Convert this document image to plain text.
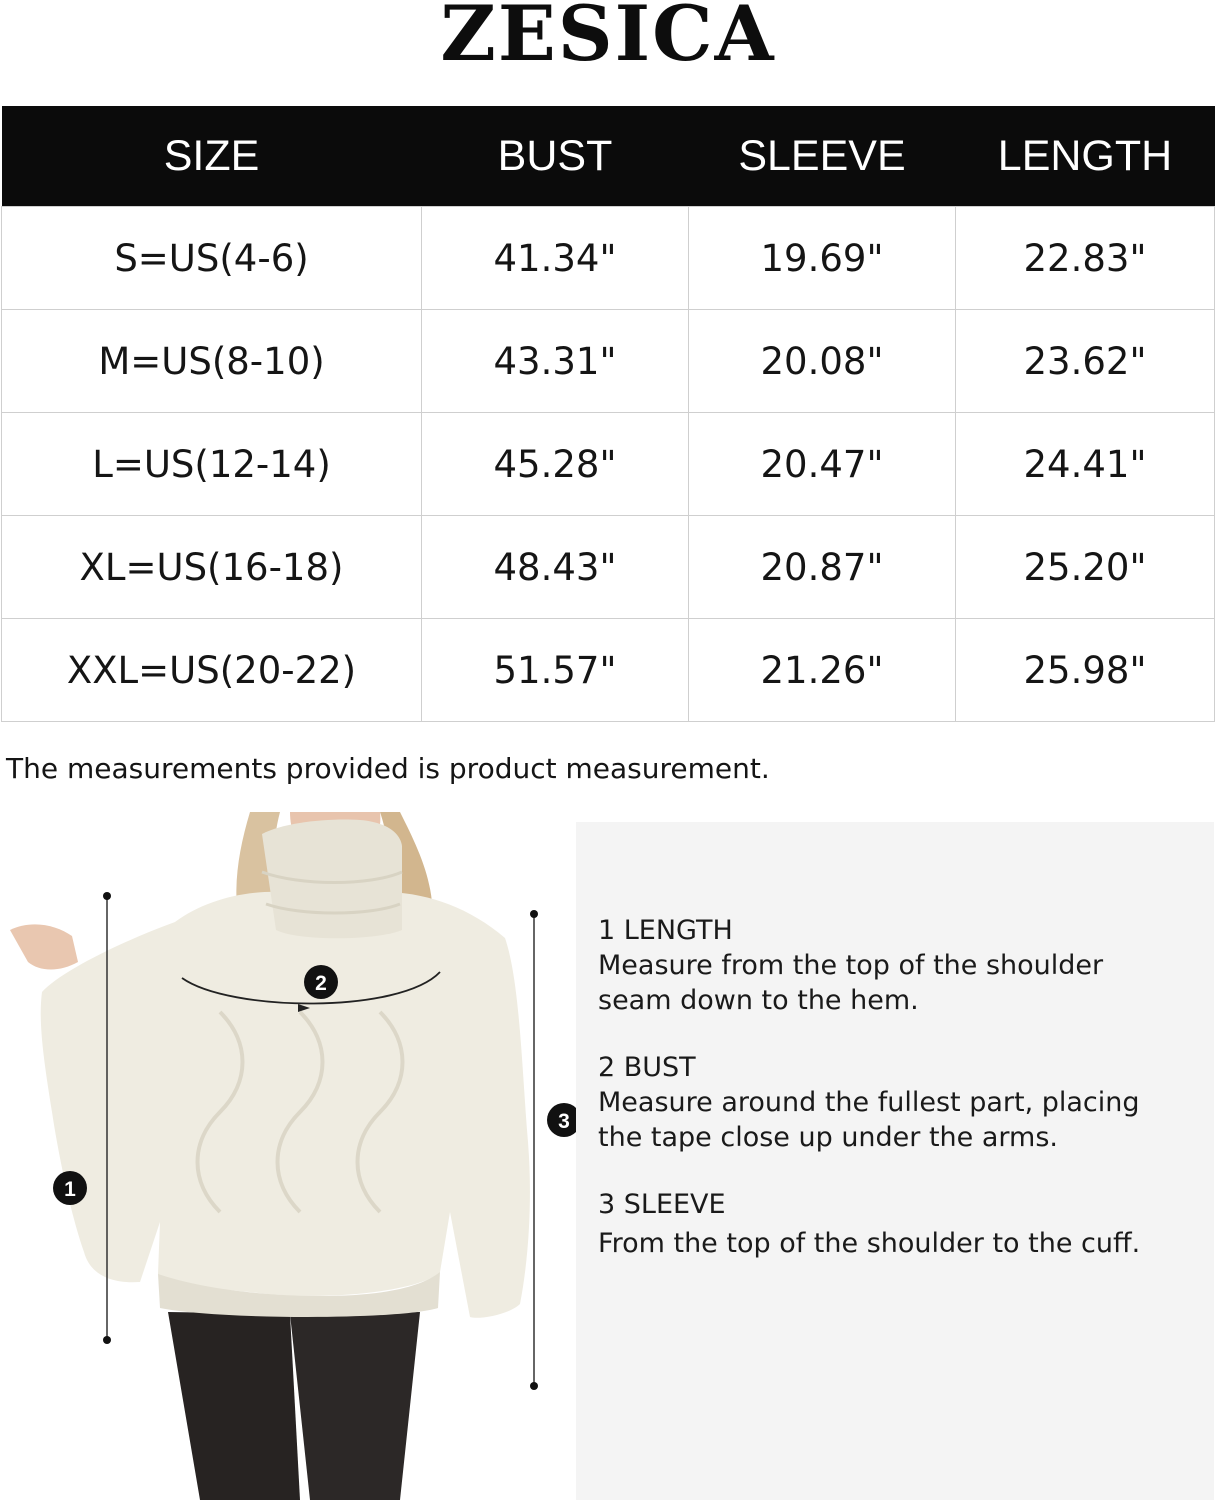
ZESICA
SIZE	BUST	SLEEVE	LENGTH
S=US(4-6)	41.34"	19.69"	22.83"
M=US(8-10)	43.31"	20.08"	23.62"
L=US(12-14)	45.28"	20.47"	24.41"
XL=US(16-18)	48.43"	20.87"	25.20"
XXL=US(20-22)	51.57"	21.26"	25.98"
The measurements provided is product measurement.
1
2
3
1 LENGTH
Measure from the top of the shoulder
seam down to the hem.
2 BUST
Measure around the fullest part, placing
the tape close up under the arms.
3 SLEEVE
From the top of the shoulder to the cuff.
